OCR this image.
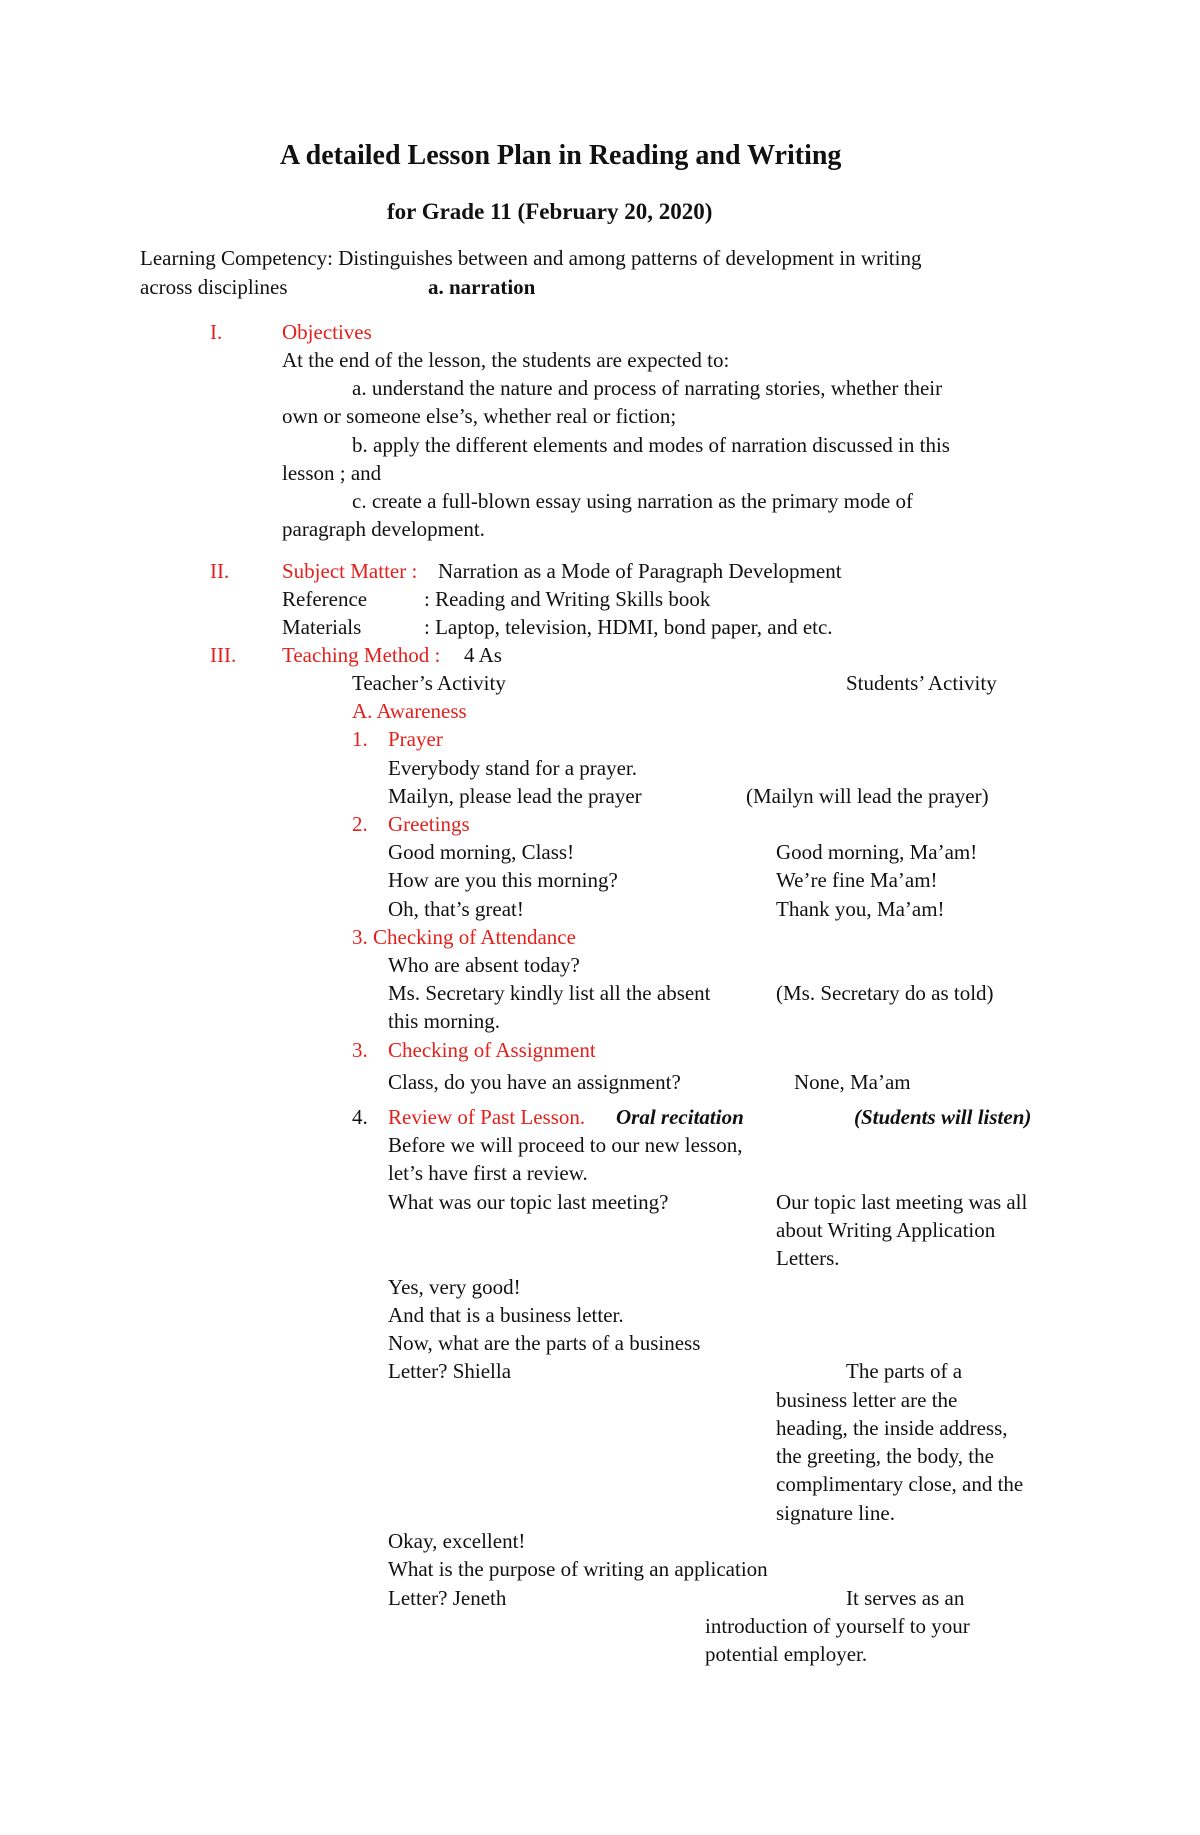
A detailed Lesson Plan in Reading and Writing
for Grade 11 (February 20, 2020)
Learning Competency: Distinguishes between and among patterns of development in writing
across disciplines	a. narration
I.	Objectives
At the end of the lesson, the students are expected to:
a. understand the nature and process of narrating stories, whether their
own or someone else’s, whether real or fiction;
b. apply the different elements and modes of narration discussed in this
lesson ; and
c. create a full-blown essay using narration as the primary mode of
paragraph development.
II.	Subject Matter : Narration as a Mode of Paragraph Development
Reference	: Reading and Writing Skills book
Materials	: Laptop, television, HDMI, bond paper, and etc.
III. Teaching Method : 4 As
Teacher’s Activity	Students’ Activity
A. Awareness
1. Prayer
Everybody stand for a prayer.
Mailyn, please lead the prayer	(Mailyn will lead the prayer)
2. Greetings
Good morning, Class!	Good morning, Ma’am!
How are you this morning?	We’re fine Ma’am!
Oh, that’s great!	Thank you, Ma’am!
3. Checking of Attendance
Who are absent today?
Ms. Secretary kindly list all the absent	(Ms. Secretary do as told)
this morning.
3. Checking of Assignment
Class, do you have an assignment?	None, Ma’am
4. Review of Past Lesson. Oral recitation	(Students will listen)
Before we will proceed to our new lesson,
let’s have first a review.
What was our topic last meeting?	Our topic last meeting was all
about Writing Application
Letters.
Yes, very good!
And that is a business letter.
Now, what are the parts of a business
Letter? Shiella	The parts of a
business letter are the
heading, the inside address,
the greeting, the body, the
complimentary close, and the
signature line.
Okay, excellent!
What is the purpose of writing an application
Letter? Jeneth	It serves as an
introduction of yourself to your
potential employer.
